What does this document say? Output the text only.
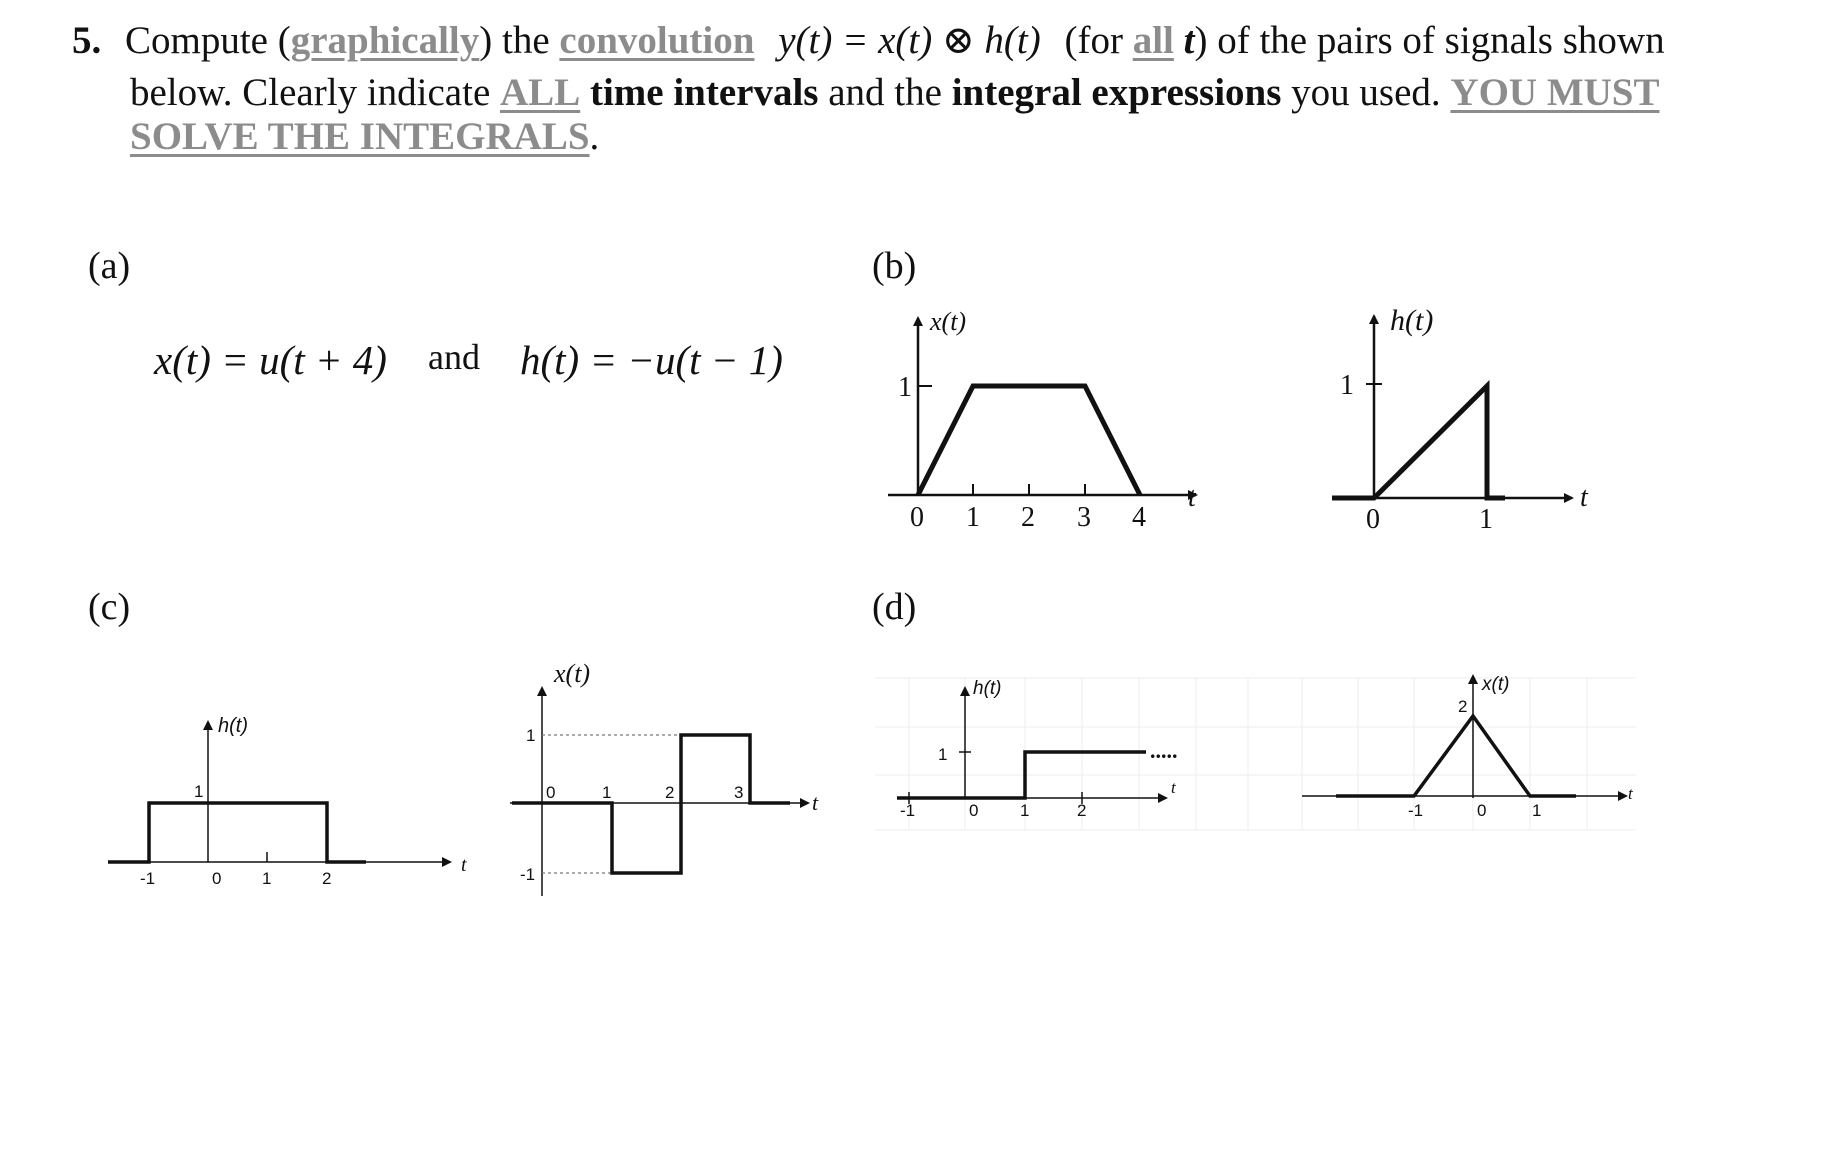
5. Compute (graphically) the convolution y(t) = x(t) ⊗ h(t) (for all t) of the pairs of signals shown
below. Clearly indicate ALL time intervals and the integral expressions you used. YOU MUST
SOLVE THE INTEGRALS.
(a)	(b)
(c)	(d)
x(t) = u(t + 4) and h(t) = −u(t − 1)
x(t)
1
0 1 2 3 4
t
h(t)
1
0	1
t
h(t)
1
-1	0 1	2
t
x(t)
1
-1
0	1	2	3	t
h(t)
1
-1	0 1	2
.....
t
x(t)
2
-1	0	1
t
